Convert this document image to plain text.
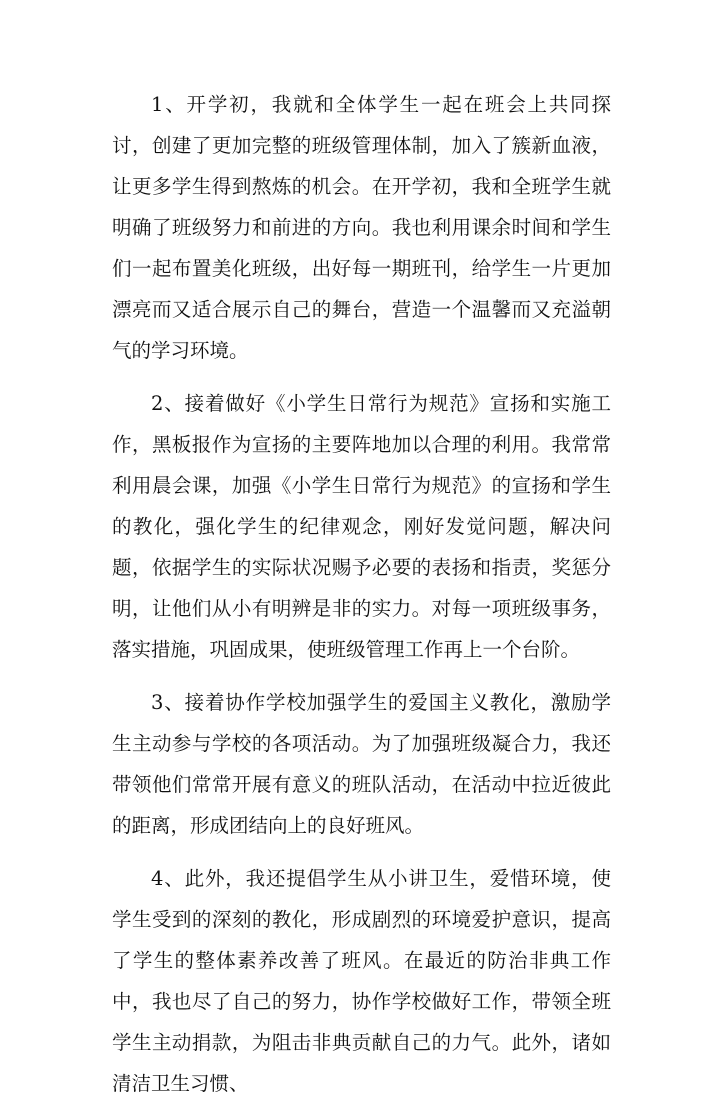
1、开学初，我就和全体学生一起在班会上共同探讨，创建了更加完整的班级管理体制，加入了簇新血液，让更多学生得到熬炼的机会。在开学初，我和全班学生就明确了班级努力和前进的方向。我也利用课余时间和学生们一起布置美化班级，出好每一期班刊，给学生一片更加漂亮而又适合展示自己的舞台，营造一个温馨而又充溢朝气的学习环境。

2、接着做好《小学生日常行为规范》宣扬和实施工作，黑板报作为宣扬的主要阵地加以合理的利用。我常常利用晨会课，加强《小学生日常行为规范》的宣扬和学生的教化，强化学生的纪律观念，刚好发觉问题，解决问题，依据学生的实际状况赐予必要的表扬和指责，奖惩分明，让他们从小有明辨是非的实力。对每一项班级事务，落实措施，巩固成果，使班级管理工作再上一个台阶。

3、接着协作学校加强学生的爱国主义教化，激励学生主动参与学校的各项活动。为了加强班级凝合力，我还带领他们常常开展有意义的班队活动，在活动中拉近彼此的距离，形成团结向上的良好班风。

4、此外，我还提倡学生从小讲卫生，爱惜环境，使学生受到的深刻的教化，形成剧烈的环境爱护意识，提高了学生的整体素养改善了班风。在最近的防治非典工作中，我也尽了自己的努力，协作学校做好工作，带领全班学生主动捐款，为阻击非典贡献自己的力气。此外，诸如清洁卫生习惯、
